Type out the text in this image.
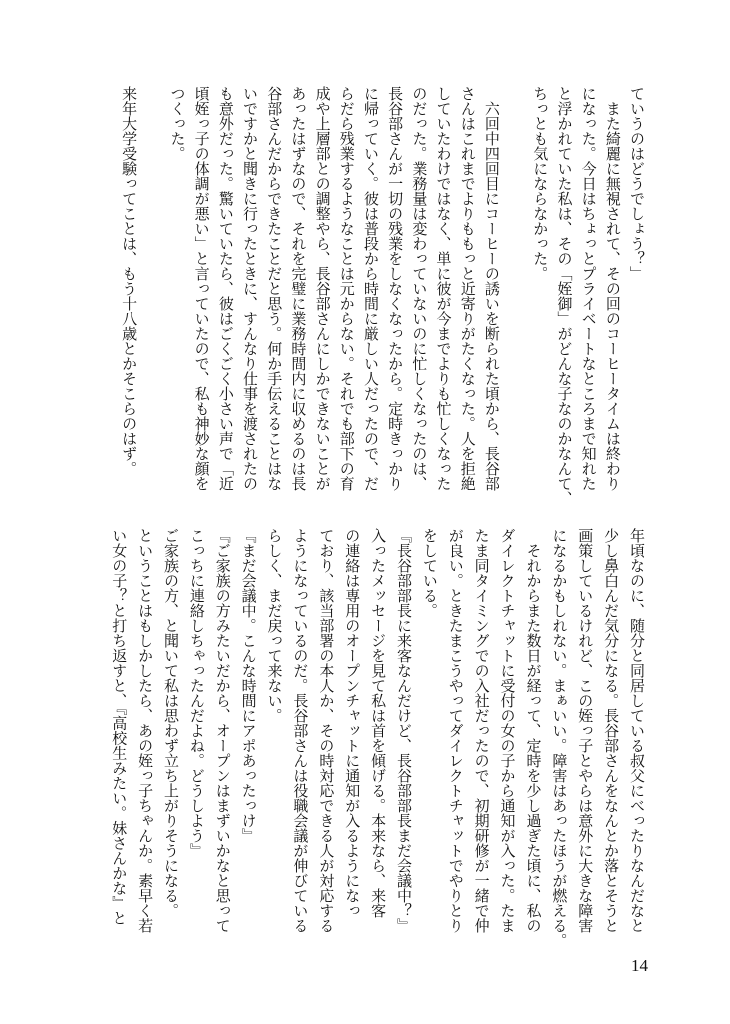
ていうのはどうでしょう？」
　また綺麗に無視されて、その回のコーヒータイムは終わり
になった。今日はちょっとプライベートなところまで知れた
と浮かれていた私は、その「姪御」がどんな子なのかなんて、
ちっとも気にならなかった。
　六回中四回目にコーヒーの誘いを断られた頃から、長谷部
さんはこれまでよりももっと近寄りがたくなった。人を拒絶
していたわけではなく、単に彼が今までよりも忙しくなった
のだった。業務量は変わっていないのに忙しくなったのは、
長谷部さんが一切の残業をしなくなったから。定時きっかり
に帰っていく。彼は普段から時間に厳しい人だったので、だ
らだら残業するようなことは元からない。それでも部下の育
成や上層部との調整やら、長谷部さんにしかできないことが
あったはずなので、それを完璧に業務時間内に収めるのは長
谷部さんだからできたことだと思う。何か手伝えることはな
いですかと聞きに行ったときに、すんなり仕事を渡されたの
も意外だった。驚いていたら、彼はごくごく小さい声で「近
頃姪っ子の体調が悪い」と言っていたので、私も神妙な顔を
つくった。
来年大学受験ってことは、もう十八歳とかそこらのはず。
年頃なのに、随分と同居している叔父にべったりなんだなと
少し鼻白んだ気分になる。長谷部さんをなんとか落とそうと
画策しているけれど、この姪っ子とやらは意外に大きな障害
になるかもしれない。まぁいい。障害はあったほうが燃える。
　それからまた数日が経って、定時を少し過ぎた頃に、私の
ダイレクトチャットに受付の女の子から通知が入った。たま
たま同タイミングでの入社だったので、初期研修が一緒で仲
が良い。ときたまこうやってダイレクトチャットでやりとり
をしている。
『長谷部部長に来客なんだけど、長谷部部長まだ会議中？』
入ったメッセージを見て私は首を傾げる。本来なら、来客
の連絡は専用のオープンチャットに通知が入るようになっ
ており、該当部署の本人か、その時対応できる人が対応する
ようになっているのだ。長谷部さんは役職会議が伸びている
らしく、まだ戻って来ない。
『まだ会議中。こんな時間にアポあったっけ』
『ご家族の方みたいだから、オープンはまずいかなと思って
こっちに連絡しちゃったんだよね。どうしよう』
ご家族の方、と聞いて私は思わず立ち上がりそうになる。
ということはもしかしたら、あの姪っ子ちゃんか。素早く若
い女の子？と打ち返すと、『高校生みたい。妹さんかな』と
14
